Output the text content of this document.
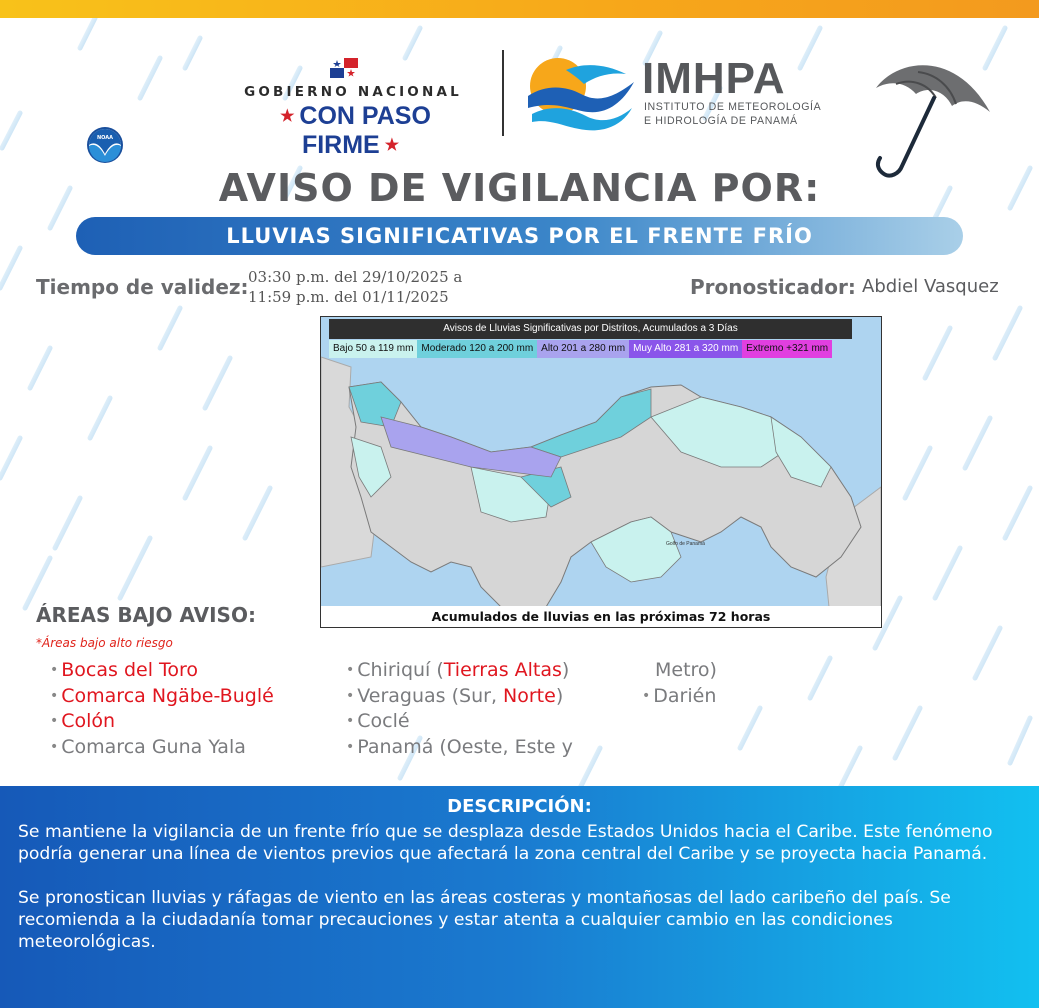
GOBIERNO NACIONAL
★ CON PASO FIRME ★
IMHPA
INSTITUTO DE METEOROLOGÍA
E HIDROLOGÍA DE PANAMÁ
NOAA
AVISO DE VIGILANCIA POR:
LLUVIAS SIGNIFICATIVAS POR EL FRENTE FRÍO
Tiempo de validez: 03:30 p.m. del 29/10/2025 a
11:59 p.m. del 01/11/2025	Pronosticador: Abdiel Vasquez
Golfo de Panamá
Avisos de Lluvias Significativas por Distritos, Acumulados a 3 Días
Bajo 50 a 119 mm Moderado 120 a 200 mm Alto 201 a 280 mm Muy Alto 281 a 320 mm Extremo +321 mm
Acumulados de lluvias en las próximas 72 horas
ÁREAS BAJO AVISO:
*Áreas bajo alto riesgo
• Bocas del Toro
• Comarca Ngäbe-Buglé
• Colón
• Comarca Guna Yala
• Chiriquí (Tierras Altas)
• Veraguas (Sur, Norte)
• Coclé
• Panamá (Oeste, Este y
Metro)
• Darién
DESCRIPCIÓN:

Se mantiene la vigilancia de un frente frío que se desplaza desde Estados Unidos hacia el Caribe. Este fenómeno podría generar una línea de vientos previos que afectará la zona central del Caribe y se proyecta hacia Panamá.

Se pronostican lluvias y ráfagas de viento en las áreas costeras y montañosas del lado caribeño del país. Se recomienda a la ciudadanía tomar precauciones y estar atenta a cualquier cambio en las condiciones meteorológicas.
